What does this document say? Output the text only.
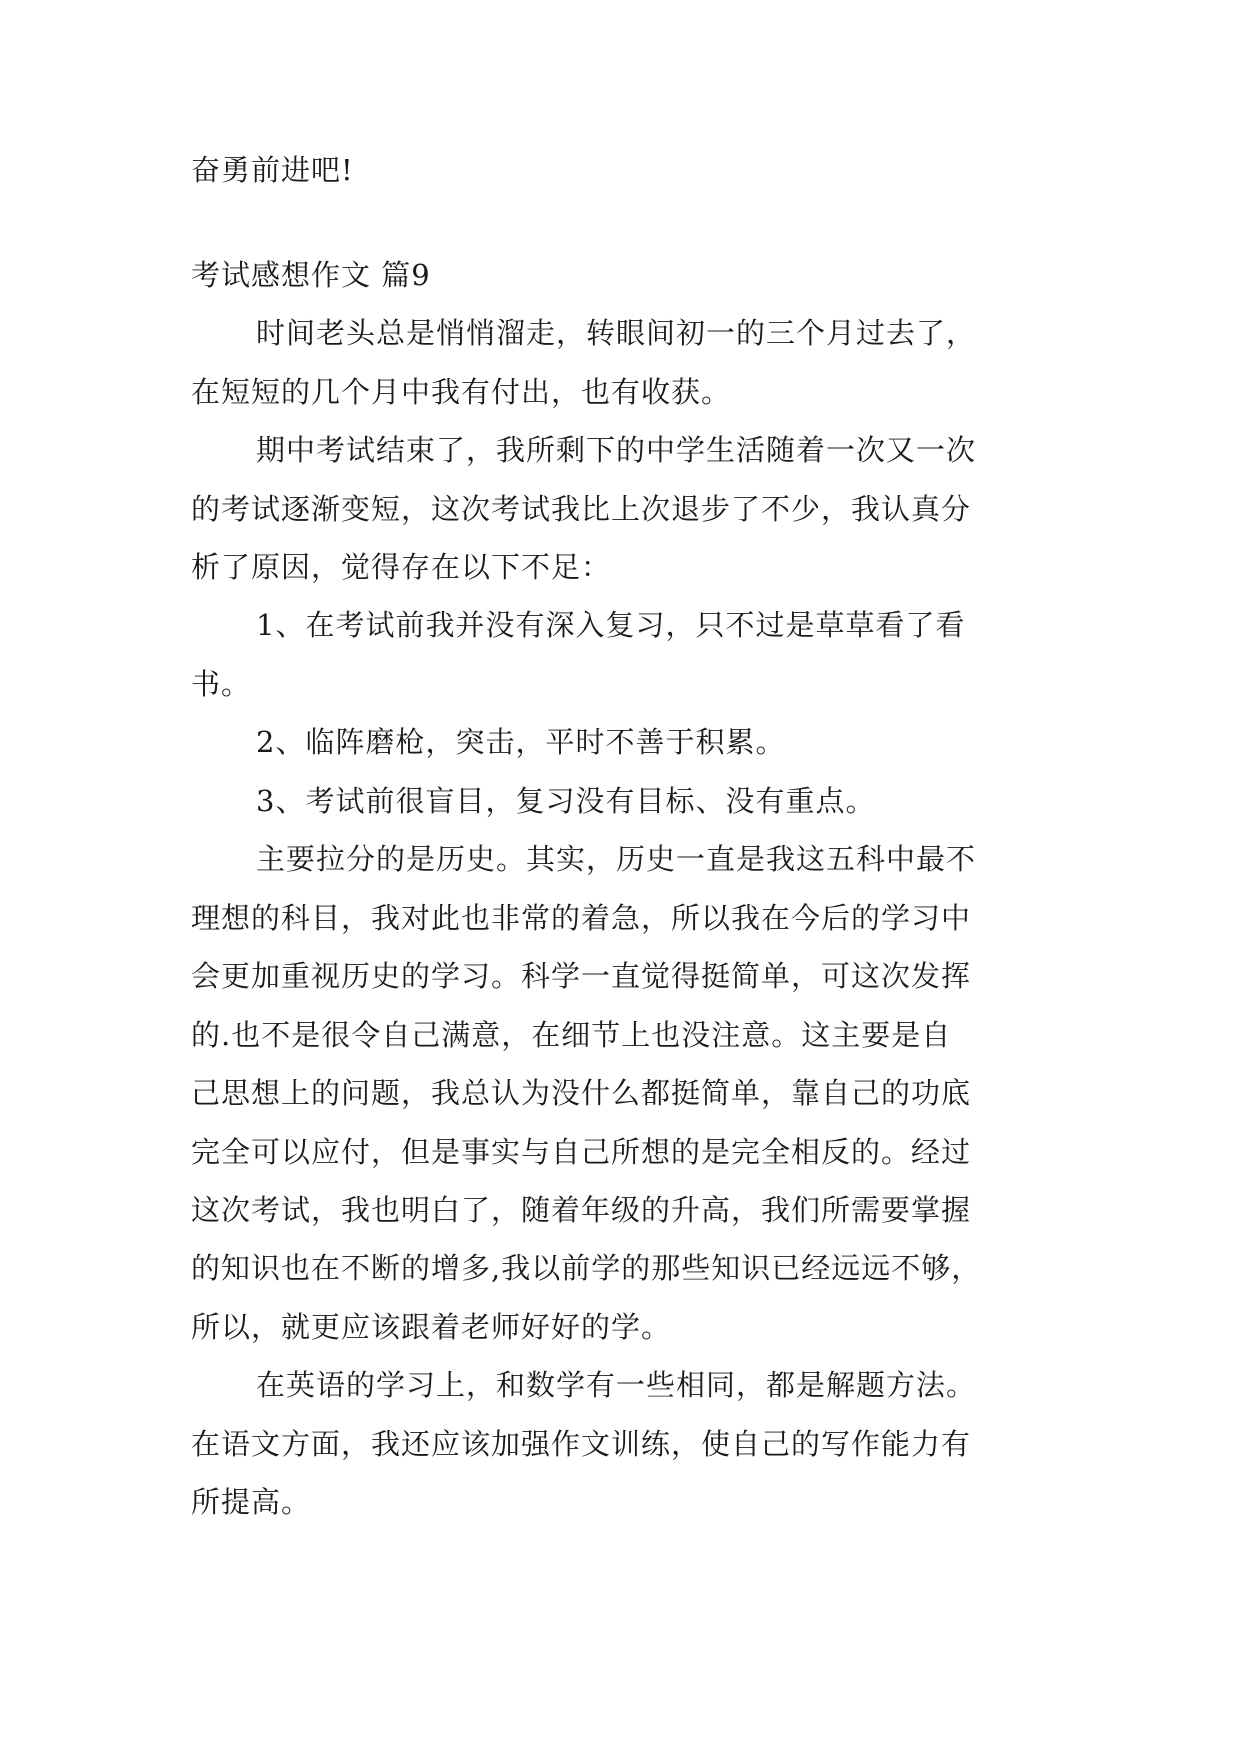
奋勇前进吧!
考试感想作文 篇9
时间老头总是悄悄溜走，转眼间初一的三个月过去了，
在短短的几个月中我有付出，也有收获。
期中考试结束了，我所剩下的中学生活随着一次又一次
的考试逐渐变短，这次考试我比上次退步了不少，我认真分
析了原因，觉得存在以下不足：
1、在考试前我并没有深入复习，只不过是草草看了看
书。
2、临阵磨枪，突击，平时不善于积累。
3、考试前很盲目，复习没有目标、没有重点。
主要拉分的是历史。其实，历史一直是我这五科中最不
理想的科目，我对此也非常的着急，所以我在今后的学习中
会更加重视历史的学习。科学一直觉得挺简单，可这次发挥
的.也不是很令自己满意，在细节上也没注意。这主要是自
己思想上的问题，我总认为没什么都挺简单，靠自己的功底
完全可以应付，但是事实与自己所想的是完全相反的。经过
这次考试，我也明白了，随着年级的升高，我们所需要掌握
的知识也在不断的增多,我以前学的那些知识已经远远不够，
所以，就更应该跟着老师好好的学。
在英语的学习上，和数学有一些相同，都是解题方法。
在语文方面，我还应该加强作文训练，使自己的写作能力有
所提高。
